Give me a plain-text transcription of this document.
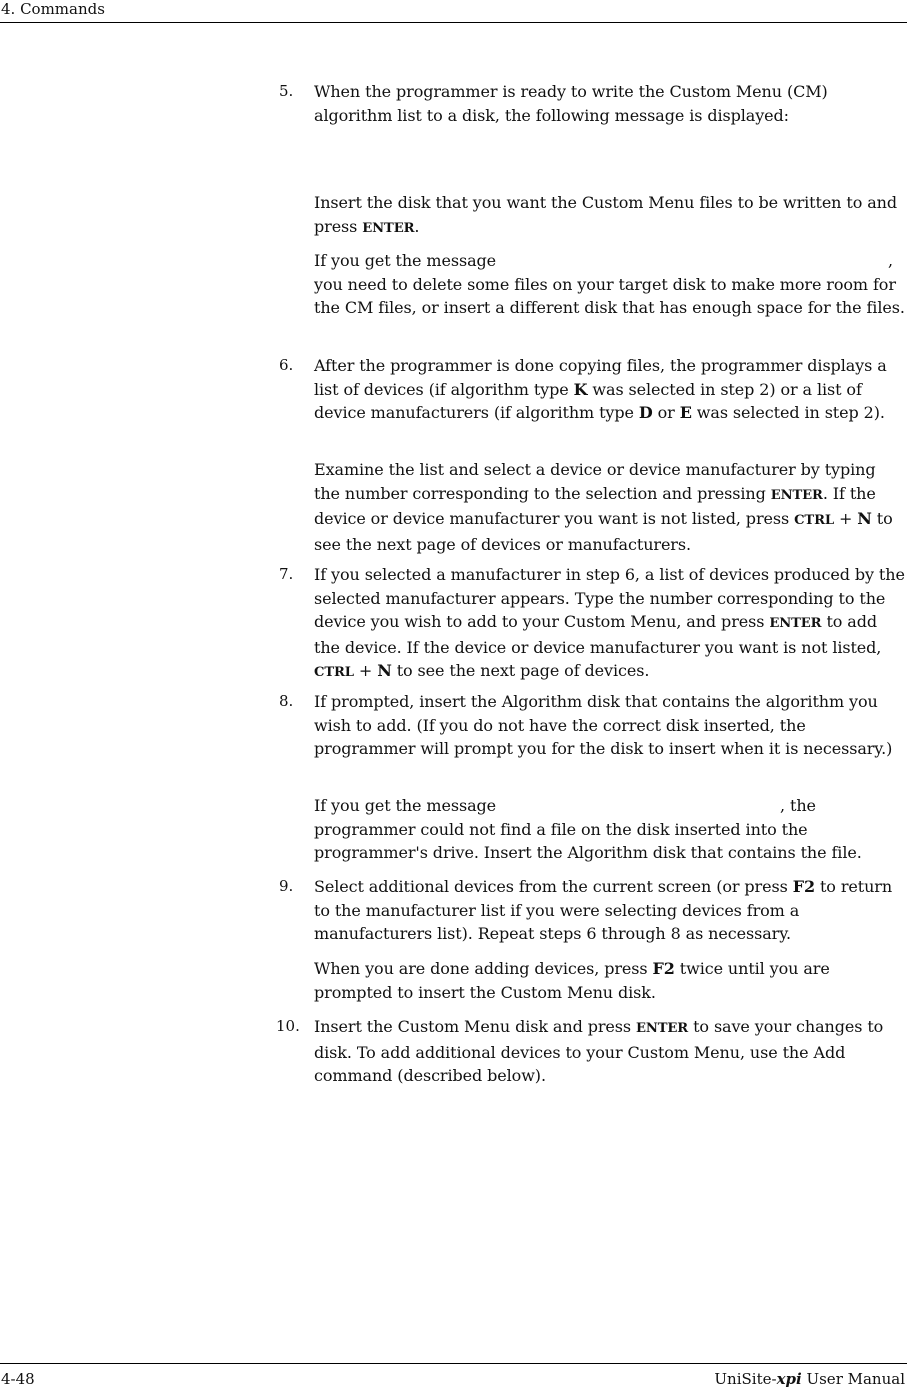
4. Commands
5. When the programmer is ready to write the Custom Menu (CM) algorithm list to a disk, the following message is displayed:
Insert the disk that you want the Custom Menu files to be written to and press ENTER.
If you get the message	, you need to delete some files on your target disk to make more room for the CM files, or insert a different disk that has enough space for the files.
6. After the programmer is done copying files, the programmer displays a list of devices (if algorithm type K was selected in step 2) or a list of device manufacturers (if algorithm type D or E was selected in step 2).
Examine the list and select a device or device manufacturer by typing the number corresponding to the selection and pressing ENTER. If the device or device manufacturer you want is not listed, press CTRL + N to see the next page of devices or manufacturers.
7. If you selected a manufacturer in step 6, a list of devices produced by the selected manufacturer appears. Type the number corresponding to the device you wish to add to your Custom Menu, and press ENTER to add the device. If the device or device manufacturer you want is not listed, CTRL + N to see the next page of devices.
8. If prompted, insert the Algorithm disk that contains the algorithm you wish to add. (If you do not have the correct disk inserted, the programmer will prompt you for the disk to insert when it is necessary.)
If you get the message	, the programmer could not find a file on the disk inserted into the programmer's drive. Insert the Algorithm disk that contains the file.
9. Select additional devices from the current screen (or press F2 to return to the manufacturer list if you were selecting devices from a manufacturers list). Repeat steps 6 through 8 as necessary.
When you are done adding devices, press F2 twice until you are prompted to insert the Custom Menu disk.
10. Insert the Custom Menu disk and press ENTER to save your changes to disk. To add additional devices to your Custom Menu, use the Add command (described below).
4-48	UniSite-xpi User Manual
